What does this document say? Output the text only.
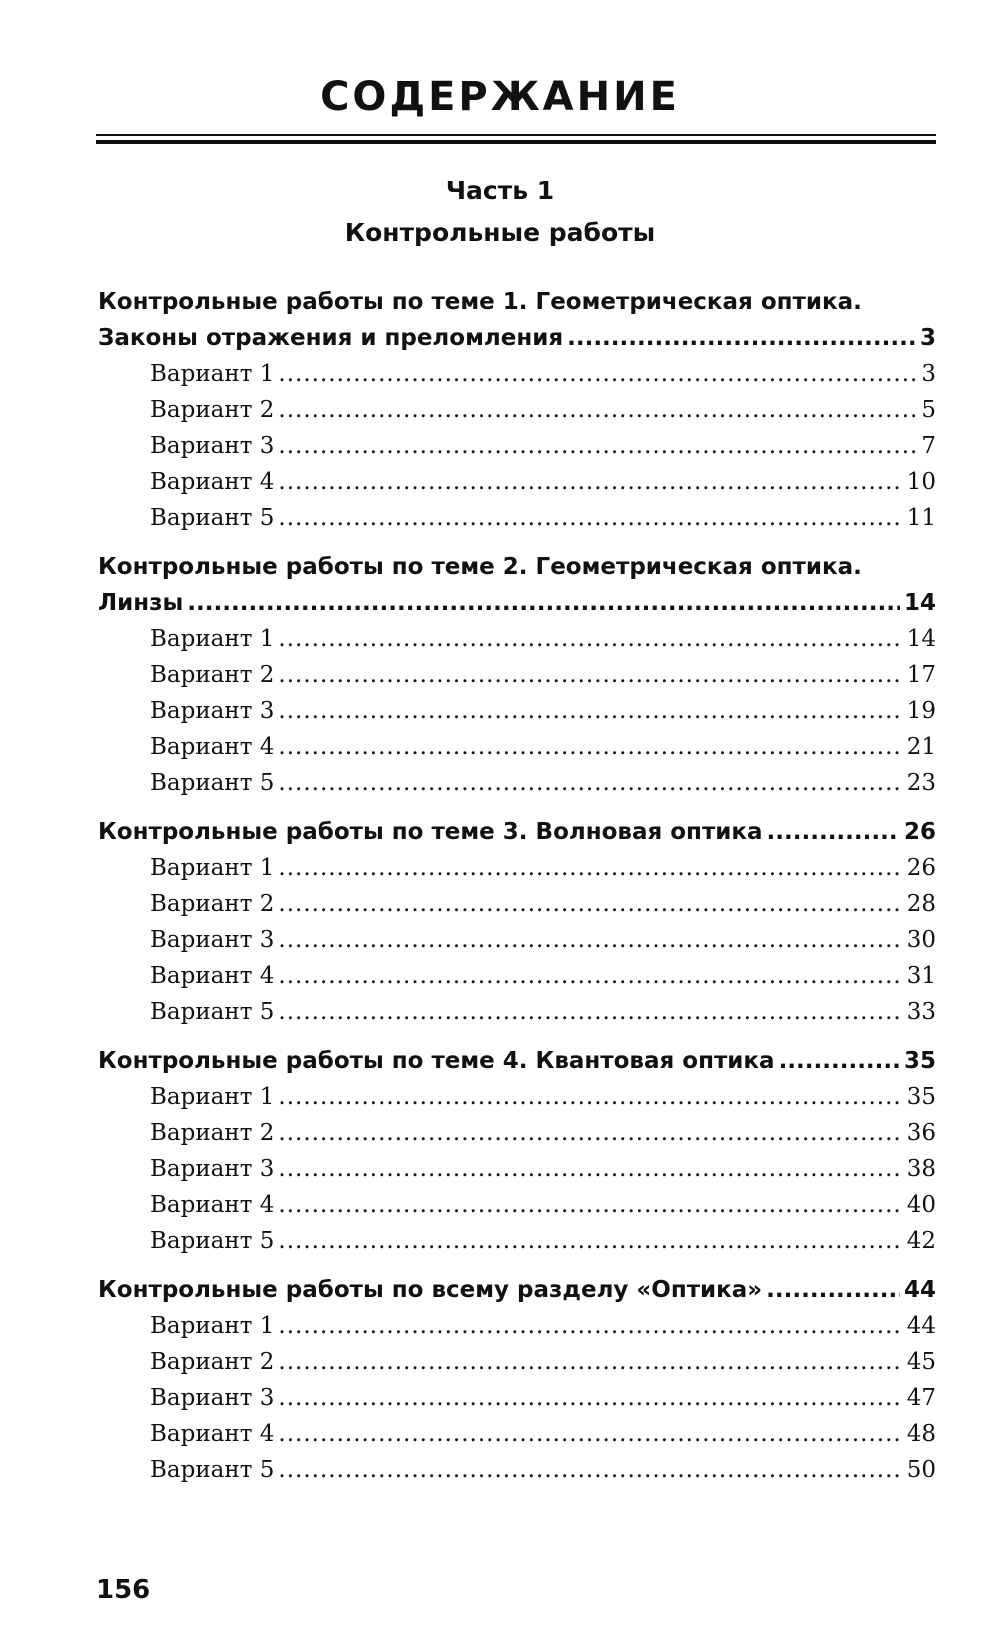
СОДЕРЖАНИЕ
Часть 1
Контрольные работы
Контрольные работы по теме 1. Геометрическая оптика.
Законы отражения и преломления .....	3
Вариант 1 .....	3
Вариант 2 .....	5
Вариант 3 .....	7
Вариант 4 .....	10
Вариант 5 .....	11
Контрольные работы по теме 2. Геометрическая оптика.
Линзы .....	14
Вариант 1 .....	14
Вариант 2 .....	17
Вариант 3 .....	19
Вариант 4 .....	21
Вариант 5 .....	23
Контрольные работы по теме 3. Волновая оптика .....	26
Вариант 1 .....	26
Вариант 2 .....	28
Вариант 3 .....	30
Вариант 4 .....	31
Вариант 5 .....	33
Контрольные работы по теме 4. Квантовая оптика .....	35
Вариант 1 .....	35
Вариант 2 .....	36
Вариант 3 .....	38
Вариант 4 .....	40
Вариант 5 .....	42
Контрольные работы по всему разделу «Оптика» .....	44
Вариант 1 .....	44
Вариант 2 .....	45
Вариант 3 .....	47
Вариант 4 .....	48
Вариант 5 .....	50
156
